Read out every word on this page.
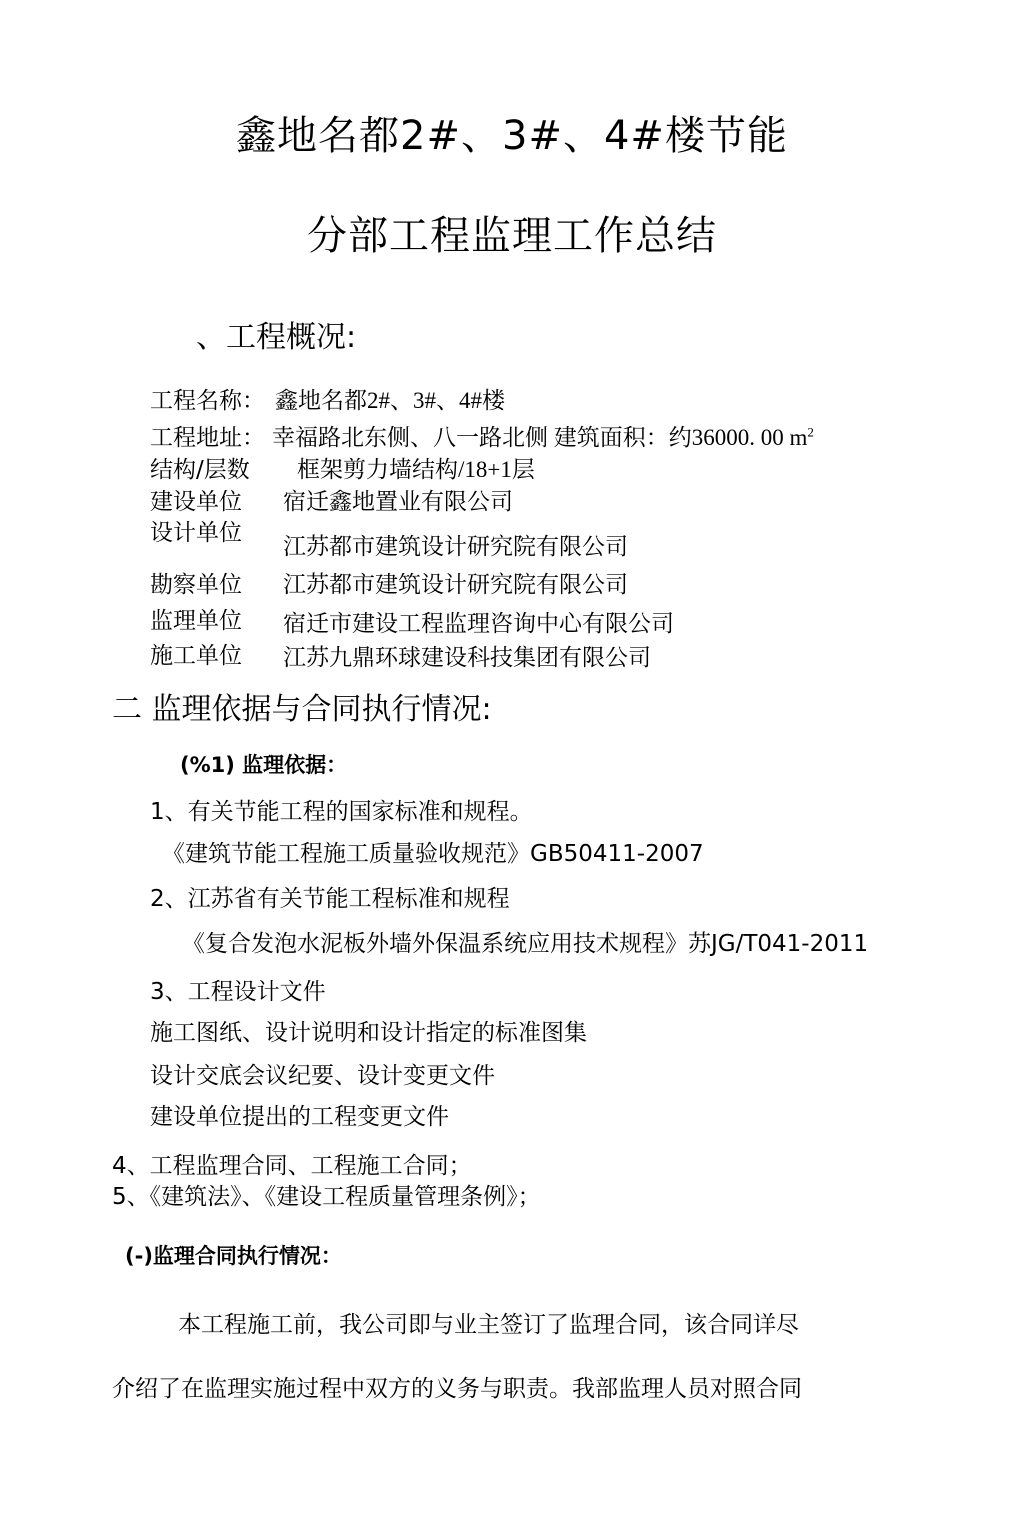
鑫地名都2#、3#、4#楼节能
分部工程监理工作总结
、工程概况:
工程名称： 鑫地名都2#、3#、4#楼
工程地址： 幸福路北东侧、八一路北侧 建筑面积：约36000. 00 $m^2$
结构/层数 框架剪力墙结构/18+1层
建设单位 宿迁鑫地置业有限公司
设计单位
江苏都市建筑设计研究院有限公司
勘察单位 江苏都市建筑设计研究院有限公司
监理单位 宿迁市建设工程监理咨询中心有限公司
施工单位 江苏九鼎环球建设科技集团有限公司
二 监理依据与合同执行情况:
(%1) 监理依据：
1、有关节能工程的国家标准和规程。
《建筑节能工程施工质量验收规范》GB50411-2007
2、江苏省有关节能工程标准和规程
《复合发泡水泥板外墙外保温系统应用技术规程》苏JG/T041-2011
3、工程设计文件
施工图纸、设计说明和设计指定的标准图集
设计交底会议纪要、设计变更文件
建设单位提出的工程变更文件
4、工程监理合同、工程施工合同；
5、《建筑法》、《建设工程质量管理条例》；
(-)监理合同执行情况：
本工程施工前，我公司即与业主签订了监理合同，该合同详尽
介绍了在监理实施过程中双方的义务与职责。我部监理人员对照合同
